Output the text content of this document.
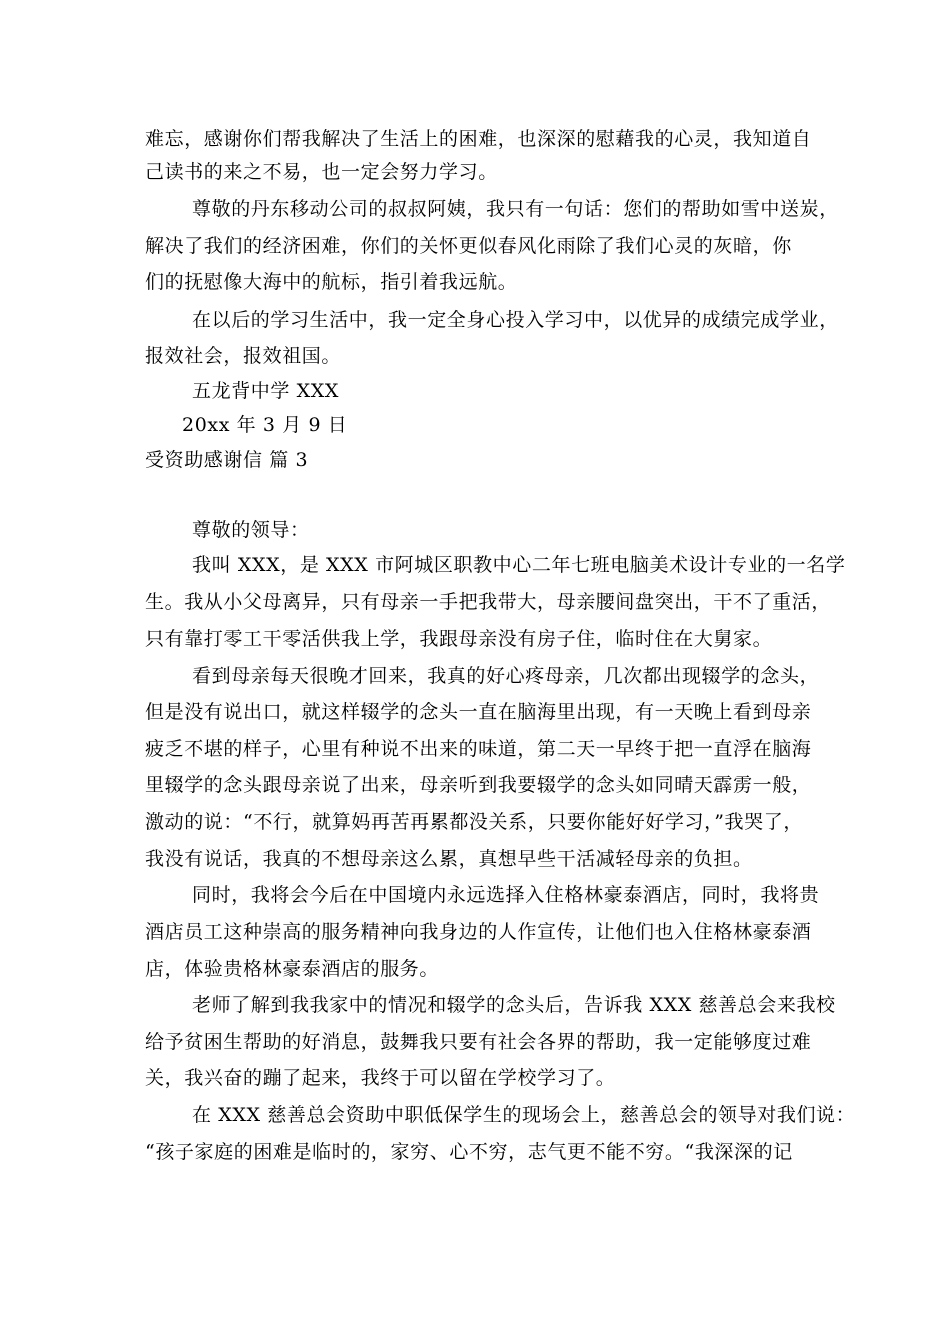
难忘，感谢你们帮我解决了生活上的困难，也深深的慰藉我的心灵，我知道自
己读书的来之不易，也一定会努力学习。
尊敬的丹东移动公司的叔叔阿姨，我只有一句话：您们的帮助如雪中送炭，
解决了我们的经济困难，你们的关怀更似春风化雨除了我们心灵的灰暗，你
们的抚慰像大海中的航标，指引着我远航。
在以后的学习生活中，我一定全身心投入学习中，以优异的成绩完成学业，
报效社会，报效祖国。
五龙背中学 XXX
20xx 年 3 月 9 日
受资助感谢信 篇 3
尊敬的领导：
我叫 XXX，是 XXX 市阿城区职教中心二年七班电脑美术设计专业的一名学
生。我从小父母离异，只有母亲一手把我带大，母亲腰间盘突出，干不了重活，
只有靠打零工干零活供我上学，我跟母亲没有房子住，临时住在大舅家。
看到母亲每天很晚才回来，我真的好心疼母亲，几次都出现辍学的念头，
但是没有说出口，就这样辍学的念头一直在脑海里出现，有一天晚上看到母亲
疲乏不堪的样子，心里有种说不出来的味道，第二天一早终于把一直浮在脑海
里辍学的念头跟母亲说了出来，母亲听到我要辍学的念头如同晴天霹雳一般，
激动的说：“不行，就算妈再苦再累都没关系，只要你能好好学习，”我哭了，
我没有说话，我真的不想母亲这么累，真想早些干活减轻母亲的负担。
同时，我将会今后在中国境内永远选择入住格林豪泰酒店，同时，我将贵
酒店员工这种崇高的服务精神向我身边的人作宣传，让他们也入住格林豪泰酒
店，体验贵格林豪泰酒店的服务。
老师了解到我我家中的情况和辍学的念头后，告诉我 XXX 慈善总会来我校
给予贫困生帮助的好消息，鼓舞我只要有社会各界的帮助，我一定能够度过难
关，我兴奋的蹦了起来，我终于可以留在学校学习了。
在 XXX 慈善总会资助中职低保学生的现场会上，慈善总会的领导对我们说：
“孩子家庭的困难是临时的，家穷、心不穷，志气更不能不穷。“我深深的记
